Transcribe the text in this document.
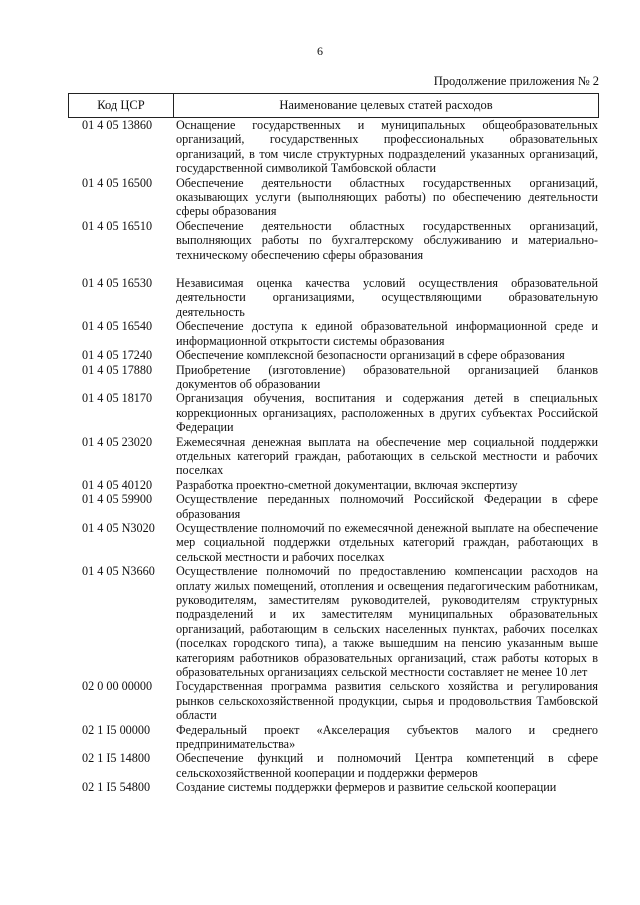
6
Продолжение приложения № 2
Код ЦСР	Наименование целевых статей расходов
01 4 05 13860	Оснащение государственных и муниципальных общеобразовательных организаций, государственных профессиональных образовательных организаций, в том числе структурных подразделений указанных организаций, государственной символикой Тамбовской области
01 4 05 16500	Обеспечение деятельности областных государственных организаций, оказывающих услуги (выполняющих работы) по обеспечению деятельности сферы образования
01 4 05 16510	Обеспечение деятельности областных государственных организаций, выполняющих работы по бухгалтерскому обслуживанию и материально-техническому обеспечению сферы образования
01 4 05 16530	Независимая оценка качества условий осуществления образовательной деятельности организациями, осуществляющими образовательную деятельность
01 4 05 16540	Обеспечение доступа к единой образовательной информационной среде и информационной открытости системы образования
01 4 05 17240	Обеспечение комплексной безопасности организаций в сфере образования
01 4 05 17880	Приобретение (изготовление) образовательной организацией бланков документов об образовании
01 4 05 18170	Организация обучения, воспитания и содержания детей в специальных коррекционных организациях, расположенных в других субъектах Российской Федерации
01 4 05 23020	Ежемесячная денежная выплата на обеспечение мер социальной поддержки отдельных категорий граждан, работающих в сельской местности и рабочих поселках
01 4 05 40120	Разработка проектно-сметной документации, включая экспертизу
01 4 05 59900	Осуществление переданных полномочий Российской Федерации в сфере образования
01 4 05 N3020	Осуществление полномочий по ежемесячной денежной выплате на обеспечение мер социальной поддержки отдельных категорий граждан, работающих в сельской местности и рабочих поселках
01 4 05 N3660	Осуществление полномочий по предоставлению компенсации расходов на оплату жилых помещений, отопления и освещения педагогическим работникам, руководителям, заместителям руководителей, руководителям структурных подразделений и их заместителям муниципальных образовательных организаций, работающим в сельских населенных пунктах, рабочих поселках (поселках городского типа), а также вышедшим на пенсию указанным выше категориям работников образовательных организаций, стаж работы которых в образовательных организациях сельской местности составляет не менее 10 лет
02 0 00 00000	Государственная программа развития сельского хозяйства и регулирования рынков сельскохозяйственной продукции, сырья и продовольствия Тамбовской области
02 1 I5 00000	Федеральный проект «Акселерация субъектов малого и среднего предпринимательства»
02 1 I5 14800	Обеспечение функций и полномочий Центра компетенций в сфере сельскохозяйственной кооперации и поддержки фермеров
02 1 I5 54800	Создание системы поддержки фермеров и развитие сельской кооперации
